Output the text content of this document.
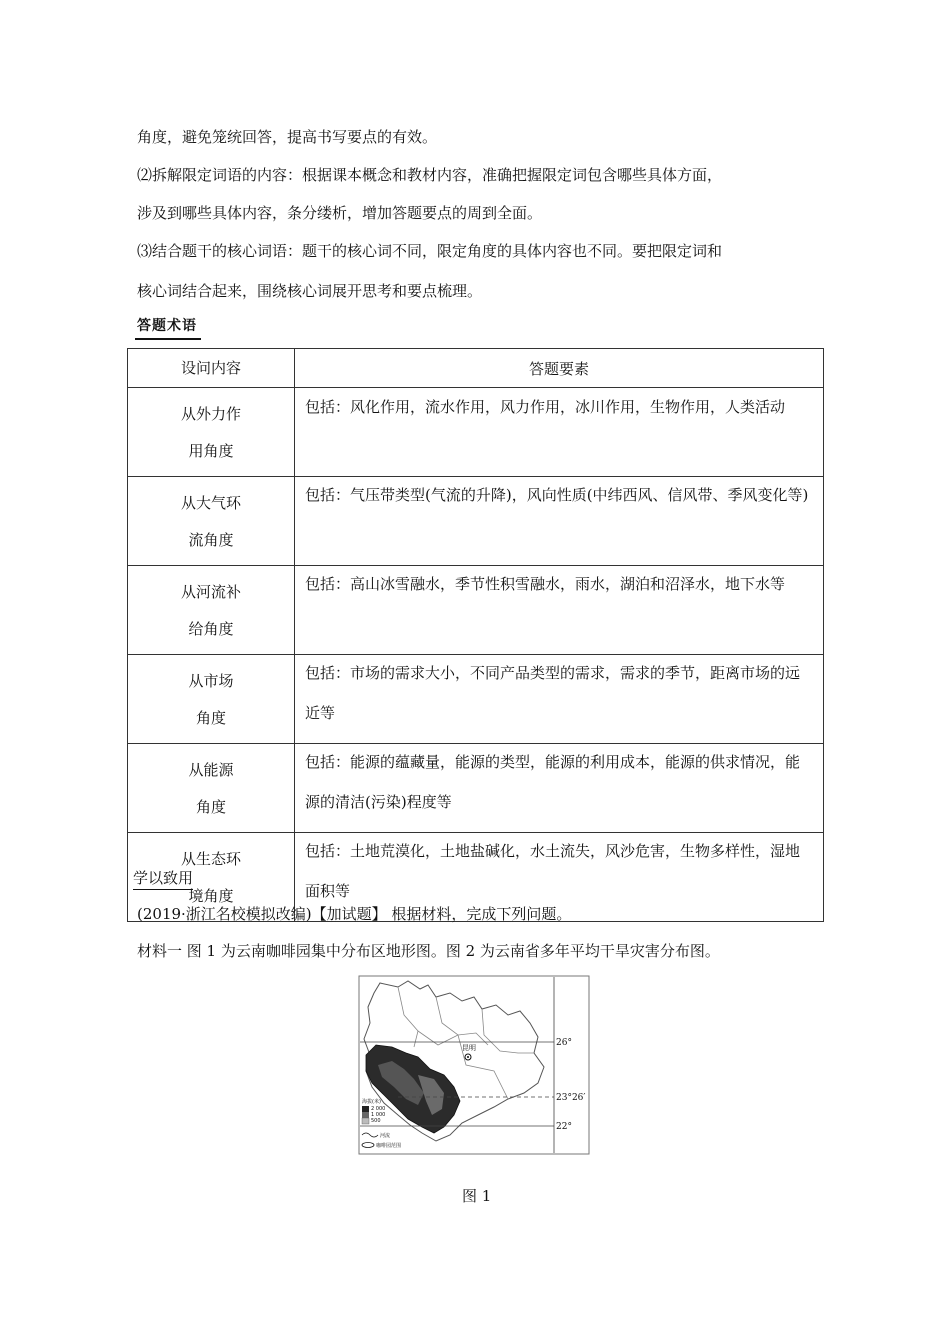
角度，避免笼统回答，提高书写要点的有效。
⑵拆解限定词语的内容：根据课本概念和教材内容，准确把握限定词包含哪些具体方面，
涉及到哪些具体内容，条分缕析，增加答题要点的周到全面。
⑶结合题干的核心词语：题干的核心词不同，限定角度的具体内容也不同。要把限定词和
核心词结合起来，围绕核心词展开思考和要点梳理。
答题术语
设问内容	答题要素

从外力作
用角度	包括：风化作用，流水作用，风力作用，冰川作用，生物作用，人类活动

从大气环
流角度	包括：气压带类型(气流的升降)，风向性质(中纬西风、信风带、季风变化等)

从河流补
给角度	包括：高山冰雪融水，季节性积雪融水，雨水，湖泊和沼泽水，地下水等

从市场
角度	包括：市场的需求大小，不同产品类型的需求，需求的季节，距离市场的远近等

从能源
角度	包括：能源的蕴藏量，能源的类型，能源的利用成本，能源的供求情况，能源的清洁(污染)程度等

从生态环
境角度	包括：土地荒漠化，土地盐碱化，水土流失，风沙危害，生物多样性，湿地面积等
学以致用
(2019·浙江名校模拟改编)【加试题】 根据材料，完成下列问题。
材料一 图 1 为云南咖啡园集中分布区地形图。图 2 为云南省多年平均干旱灾害分布图。
昆明	26°
23°26′
22°
海拔(米)
2 000
1 000
500
河流
咖啡园范围
图 1
